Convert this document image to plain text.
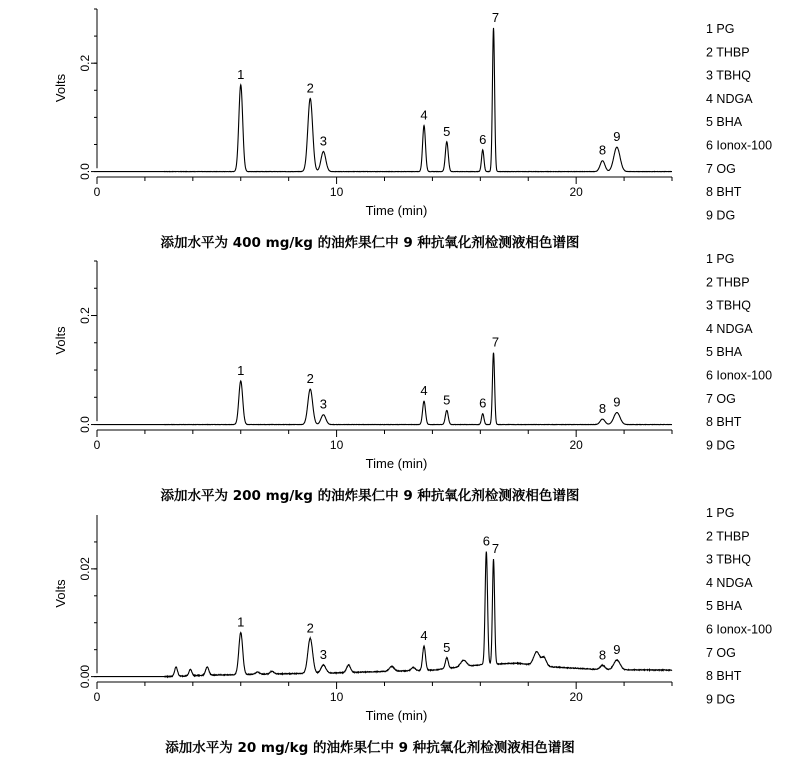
0.0
0.2
0	10	20
Time (min)
Volts	1
2
3
4
5
6
7
8
9
1 PG
2 THBP
3 TBHQ
4 NDGA
5 BHA
6 Ionox-100
7 OG
8 BHT
9 DG
添加水平为 400 mg/kg 的油炸果仁中 9 种抗氧化剂检测液相色谱图
0.0
0.2
0	10	20
Time (min)
Volts
1
2
3
4
5 6
7
8 9
1 PG
2 THBP
3 TBHQ
4 NDGA
5 BHA
6 Ionox-100
7 OG
8 BHT
9 DG
添加水平为 200 mg/kg 的油炸果仁中 9 种抗氧化剂检测液相色谱图
0.00
0.02
0	10	20
Time (min)
Volts
1	2
3
4
5
6
7
8 9
1 PG
2 THBP
3 TBHQ
4 NDGA
5 BHA
6 Ionox-100
7 OG
8 BHT
9 DG
添加水平为 20 mg/kg 的油炸果仁中 9 种抗氧化剂检测液相色谱图
